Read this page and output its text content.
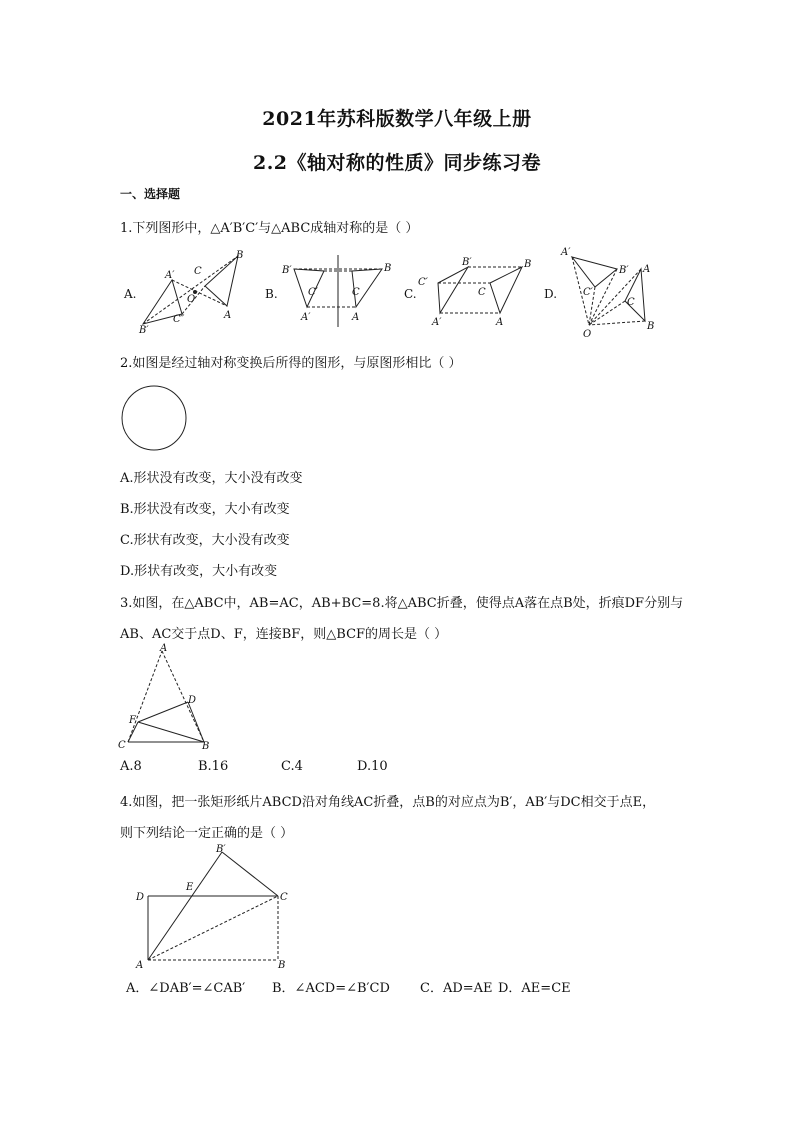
2021年苏科版数学八年级上册
2.2《轴对称的性质》同步练习卷
一、选择题
1.下列图形中，△A′B′C′与△ABC成轴对称的是（ ）
A.	B.	C.	D.
B
C
A
A′
O
C″
B′
B′	B
C′	C
A′	A
C′
B′	B
C
A′	A
A′
B′ A
C′
C
B
O
2.如图是经过轴对称变换后所得的图形，与原图形相比（ ）
A.形状没有改变，大小没有改变
B.形状没有改变，大小有改变
C.形状有改变，大小没有改变
D.形状有改变，大小有改变
3.如图，在△ABC中，AB=AC，AB+BC=8.将△ABC折叠，使得点A落在点B处，折痕DF分别与
AB、AC交于点D、F，连接BF，则△BCF的周长是（ ）
A
D
F
C	B
A.8	B.16	C.4	D.10
4.如图，把一张矩形纸片ABCD沿对角线AC折叠，点B的对应点为B′，AB′与DC相交于点E，
则下列结论一定正确的是（ ）
D
E
B′
C
A	B
A．∠DAB′=∠CAB′ B．∠ACD=∠B′CD C．AD=AE D．AE=CE
